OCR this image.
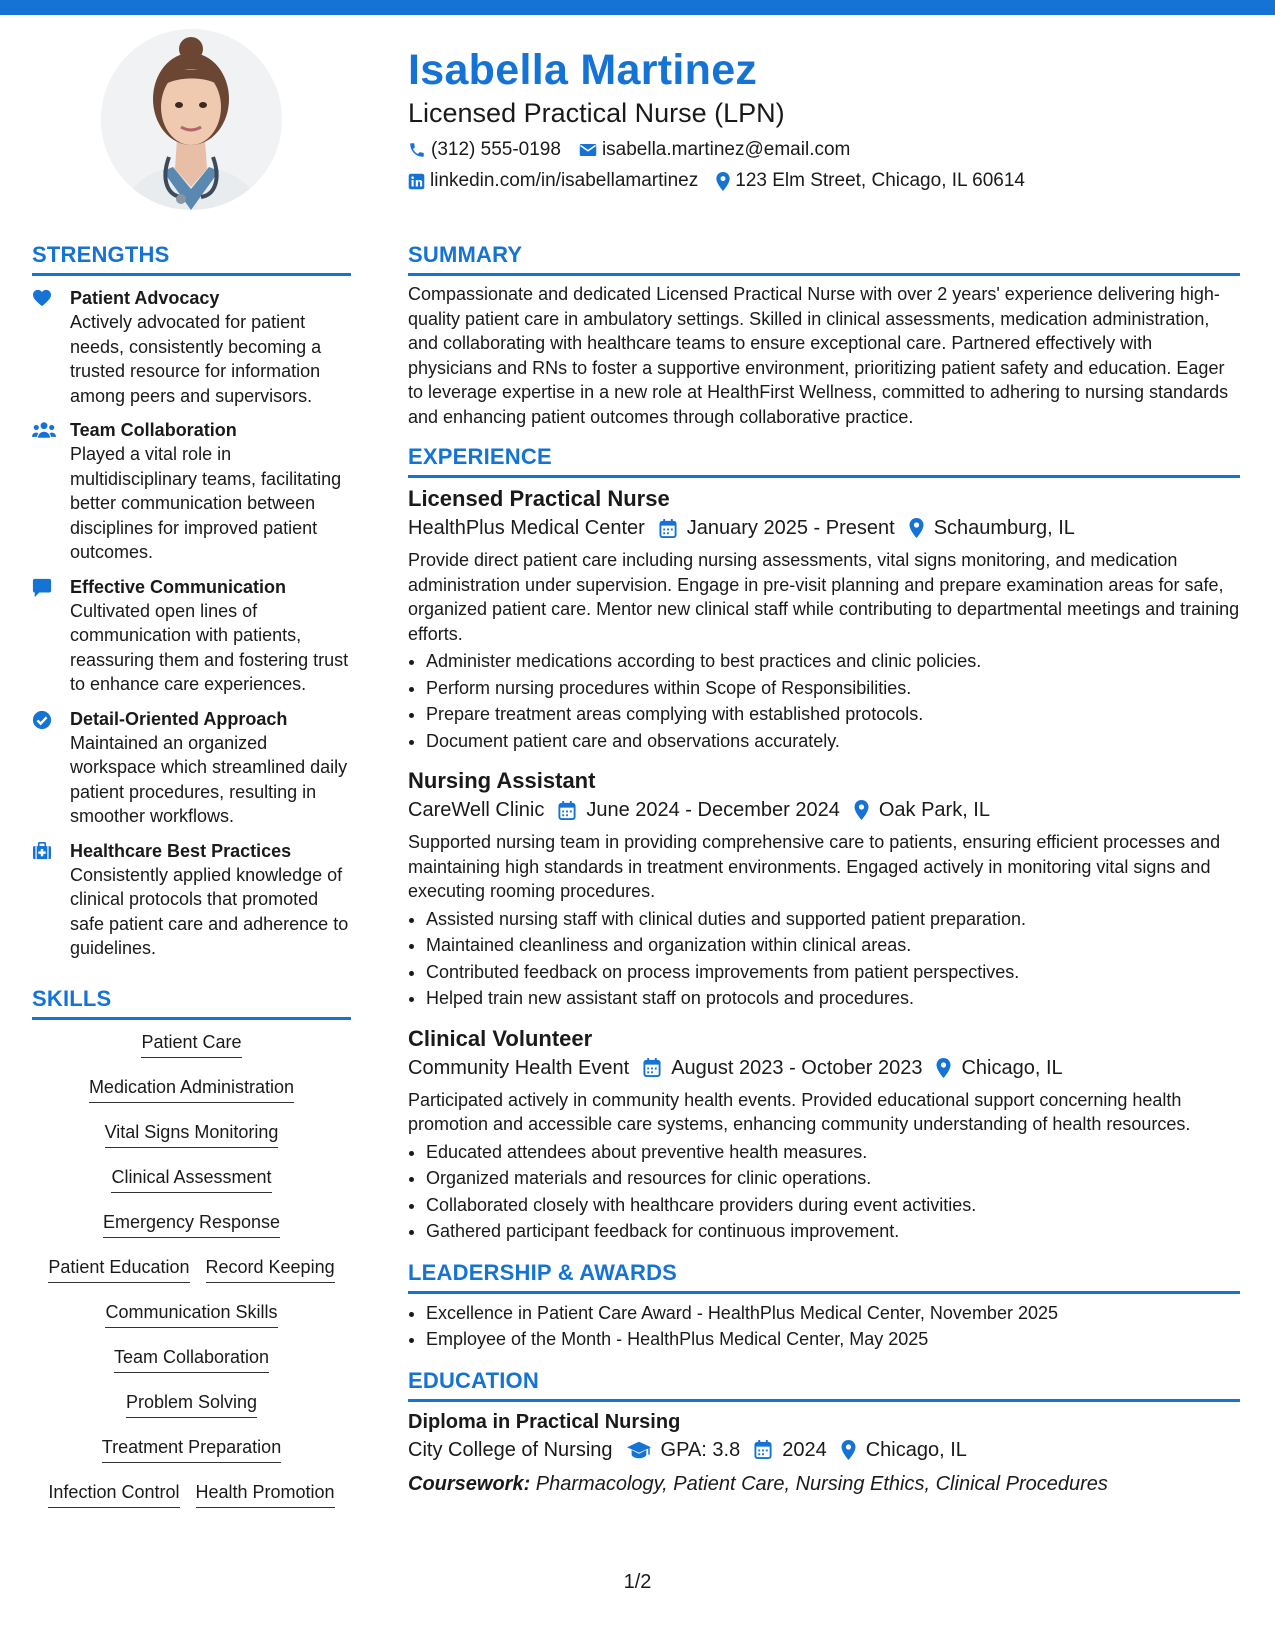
Isabella Martinez
Licensed Practical Nurse (LPN)
(312) 555-0198 isabella.martinez@email.com
linkedin.com/in/isabellamartinez 123 Elm Street, Chicago, IL 60614
STRENGTHS
Patient Advocacy
Actively advocated for patient needs, consistently becoming a trusted resource for information among peers and supervisors.
Team Collaboration
Played a vital role in multidisciplinary teams, facilitating better communication between disciplines for improved patient outcomes.
Effective Communication
Cultivated open lines of communication with patients, reassuring them and fostering trust to enhance care experiences.
Detail-Oriented Approach
Maintained an organized workspace which streamlined daily patient procedures, resulting in smoother workflows.
Healthcare Best Practices
Consistently applied knowledge of clinical protocols that promoted safe patient care and adherence to guidelines.
SKILLS
Patient Care
Medication Administration
Vital Signs Monitoring
Clinical Assessment
Emergency Response
Patient Education Record Keeping
Communication Skills
Team Collaboration
Problem Solving
Treatment Preparation
Infection Control Health Promotion
SUMMARY

Compassionate and dedicated Licensed Practical Nurse with over 2 years' experience delivering high-quality patient care in ambulatory settings. Skilled in clinical assessments, medication administration, and collaborating with healthcare teams to ensure exceptional care. Partnered effectively with physicians and RNs to foster a supportive environment, prioritizing patient safety and education. Eager to leverage expertise in a new role at HealthFirst Wellness, committed to adhering to nursing standards and enhancing patient outcomes through collaborative practice.

EXPERIENCE
Licensed Practical Nurse
HealthPlus Medical Center January 2025 - Present Schaumburg, IL

Provide direct patient care including nursing assessments, vital signs monitoring, and medication administration under supervision. Engage in pre-visit planning and prepare examination areas for safe, organized patient care. Mentor new clinical staff while contributing to departmental meetings and training efforts.

• Administer medications according to best practices and clinic policies.
• Perform nursing procedures within Scope of Responsibilities.
• Prepare treatment areas complying with established protocols.
• Document patient care and observations accurately.
Nursing Assistant
CareWell Clinic June 2024 - December 2024 Oak Park, IL

Supported nursing team in providing comprehensive care to patients, ensuring efficient processes and maintaining high standards in treatment environments. Engaged actively in monitoring vital signs and executing rooming procedures.

• Assisted nursing staff with clinical duties and supported patient preparation.
• Maintained cleanliness and organization within clinical areas.
• Contributed feedback on process improvements from patient perspectives.
• Helped train new assistant staff on protocols and procedures.
Clinical Volunteer
Community Health Event August 2023 - October 2023 Chicago, IL

Participated actively in community health events. Provided educational support concerning health promotion and accessible care systems, enhancing community understanding of health resources.

• Educated attendees about preventive health measures.
• Organized materials and resources for clinic operations.
• Collaborated closely with healthcare providers during event activities.
• Gathered participant feedback for continuous improvement.
LEADERSHIP & AWARDS
• Excellence in Patient Care Award - HealthPlus Medical Center, November 2025
• Employee of the Month - HealthPlus Medical Center, May 2025
EDUCATION
Diploma in Practical Nursing
City College of Nursing GPA: 3.8 2024 Chicago, IL
Coursework: Pharmacology, Patient Care, Nursing Ethics, Clinical Procedures
1/2
